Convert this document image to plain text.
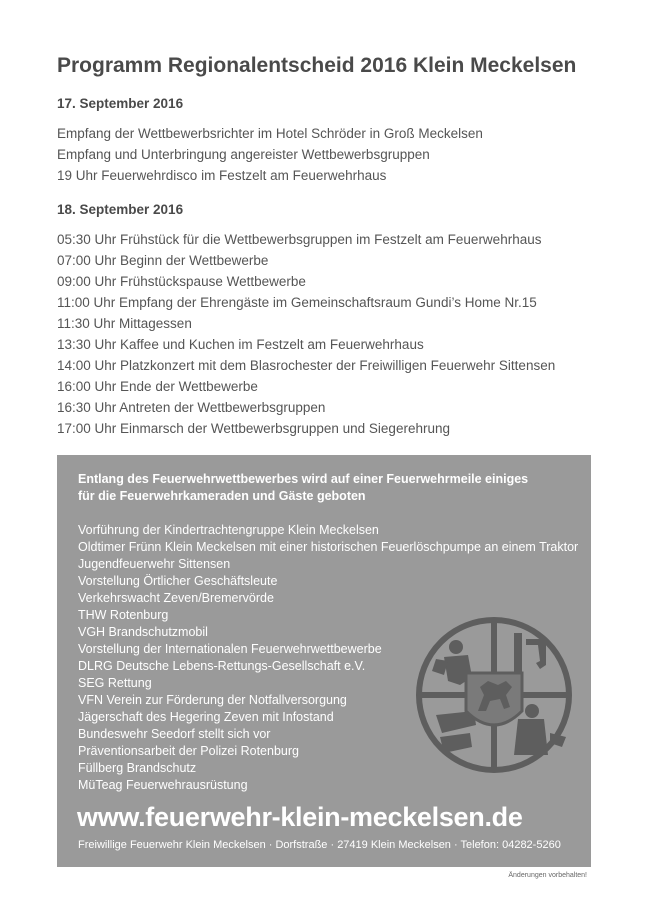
Programm Regionalentscheid 2016 Klein Meckelsen
17. September 2016
Empfang der Wettbewerbsrichter im Hotel Schröder in Groß Meckelsen
Empfang und Unterbringung angereister Wettbewerbsgruppen
19 Uhr Feuerwehrdisco im Festzelt am Feuerwehrhaus
18. September 2016
05:30 Uhr Frühstück für die Wettbewerbsgruppen im Festzelt am Feuerwehrhaus
07:00 Uhr Beginn der Wettbewerbe
09:00 Uhr Frühstückspause Wettbewerbe
11:00 Uhr Empfang der Ehrengäste im Gemeinschaftsraum Gundi’s Home Nr.15
11:30 Uhr Mittagessen
13:30 Uhr Kaffee und Kuchen im Festzelt am Feuerwehrhaus
14:00 Uhr Platzkonzert mit dem Blasrochester der Freiwilligen Feuerwehr Sittensen
16:00 Uhr Ende der Wettbewerbe
16:30 Uhr Antreten der Wettbewerbsgruppen
17:00 Uhr Einmarsch der Wettbewerbsgruppen und Siegerehrung
Entlang des Feuerwehrwettbewerbes wird auf einer Feuerwehrmeile einiges
für die Feuerwehrkameraden und Gäste geboten
Vorführung der Kindertrachtengruppe Klein Meckelsen
Oldtimer Frünn Klein Meckelsen mit einer historischen Feuerlöschpumpe an einem Traktor
Jugendfeuerwehr Sittensen
Vorstellung Örtlicher Geschäftsleute
Verkehrswacht Zeven/Bremervörde
THW Rotenburg
VGH Brandschutzmobil
Vorstellung der Internationalen Feuerwehrwettbewerbe
DLRG Deutsche Lebens-Rettungs-Gesellschaft e.V.
SEG Rettung
VFN Verein zur Förderung der Notfallversorgung
Jägerschaft des Hegering Zeven mit Infostand
Bundeswehr Seedorf stellt sich vor
Präventionsarbeit der Polizei Rotenburg
Füllberg Brandschutz
MüTeag Feuerwehrausrüstung
www.feuerwehr-klein-meckelsen.de
Freiwillige Feuerwehr Klein Meckelsen · Dorfstraße · 27419 Klein Meckelsen · Telefon: 04282-5260
Änderungen vorbehalten!
